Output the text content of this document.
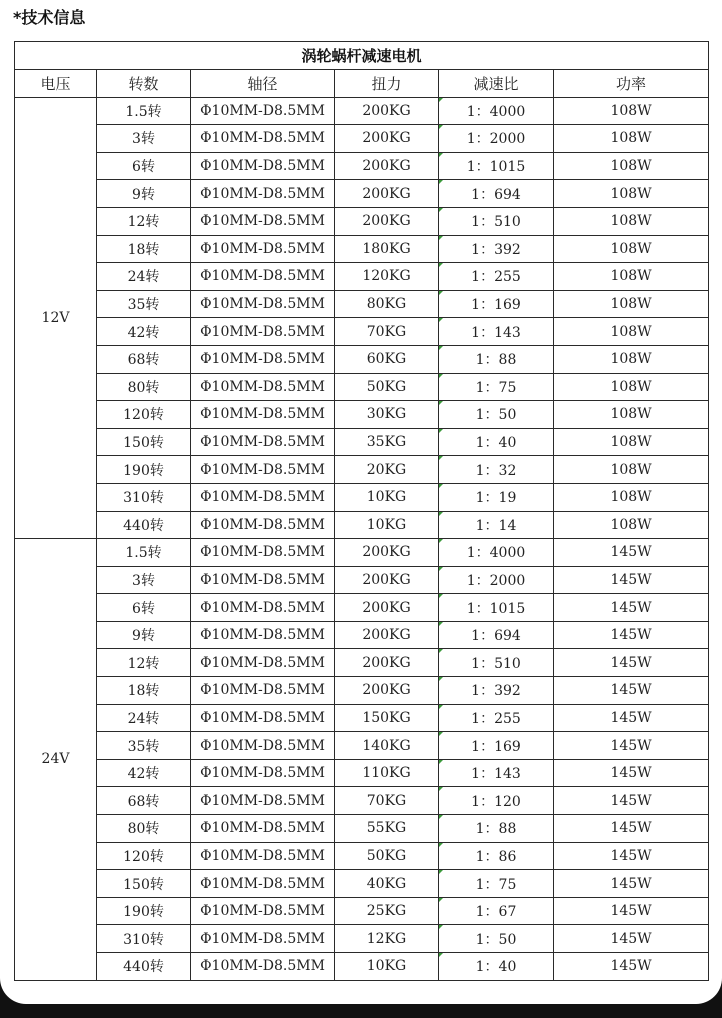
*技术信息
涡轮蜗杆减速电机					
电压	转数	轴径	扭力	减速比	功率
12V	1.5转	Φ10MM-D8.5MM	200KG	1：4000	108W
	3转	Φ10MM-D8.5MM	200KG	1：2000	108W
	6转	Φ10MM-D8.5MM	200KG	1：1015	108W
	9转	Φ10MM-D8.5MM	200KG	1：694	108W
	12转	Φ10MM-D8.5MM	200KG	1：510	108W
	18转	Φ10MM-D8.5MM	180KG	1：392	108W
	24转	Φ10MM-D8.5MM	120KG	1：255	108W
	35转	Φ10MM-D8.5MM	80KG	1：169	108W
	42转	Φ10MM-D8.5MM	70KG	1：143	108W
	68转	Φ10MM-D8.5MM	60KG	1：88	108W
	80转	Φ10MM-D8.5MM	50KG	1：75	108W
	120转	Φ10MM-D8.5MM	30KG	1：50	108W
	150转	Φ10MM-D8.5MM	35KG	1：40	108W
	190转	Φ10MM-D8.5MM	20KG	1：32	108W
	310转	Φ10MM-D8.5MM	10KG	1：19	108W
	440转	Φ10MM-D8.5MM	10KG	1：14	108W
24V	1.5转	Φ10MM-D8.5MM	200KG	1：4000	145W
	3转	Φ10MM-D8.5MM	200KG	1：2000	145W
	6转	Φ10MM-D8.5MM	200KG	1：1015	145W
	9转	Φ10MM-D8.5MM	200KG	1：694	145W
	12转	Φ10MM-D8.5MM	200KG	1：510	145W
	18转	Φ10MM-D8.5MM	200KG	1：392	145W
	24转	Φ10MM-D8.5MM	150KG	1：255	145W
	35转	Φ10MM-D8.5MM	140KG	1：169	145W
	42转	Φ10MM-D8.5MM	110KG	1：143	145W
	68转	Φ10MM-D8.5MM	70KG	1：120	145W
	80转	Φ10MM-D8.5MM	55KG	1：88	145W
	120转	Φ10MM-D8.5MM	50KG	1：86	145W
	150转	Φ10MM-D8.5MM	40KG	1：75	145W
	190转	Φ10MM-D8.5MM	25KG	1：67	145W
	310转	Φ10MM-D8.5MM	12KG	1：50	145W
	440转	Φ10MM-D8.5MM	10KG	1：40	145W
